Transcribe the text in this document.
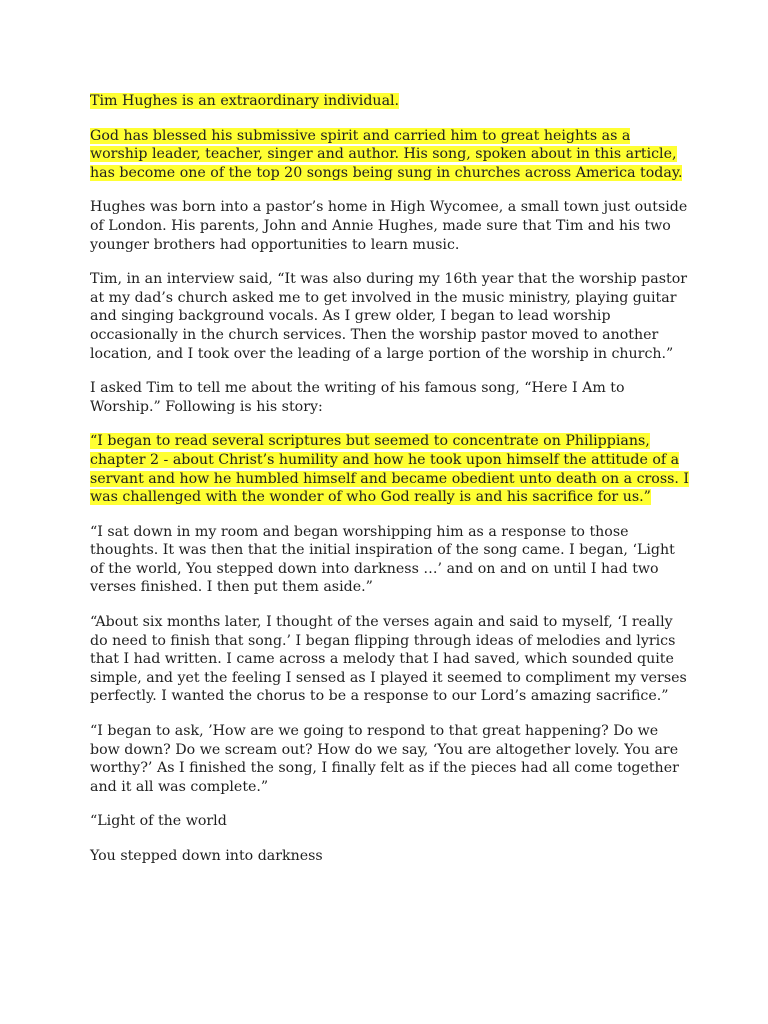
Tim Hughes is an extraordinary individual.

God has blessed his submissive spirit and carried him to great heights as a worship leader, teacher, singer and author. His song, spoken about in this article, has become one of the top 20 songs being sung in churches across America today.

Hughes was born into a pastor’s home in High Wycomee, a small town just outside of London. His parents, John and Annie Hughes, made sure that Tim and his two younger brothers had opportunities to learn music.

Tim, in an interview said, “It was also during my 16th year that the worship pastor at my dad’s church asked me to get involved in the music ministry, playing guitar and singing background vocals. As I grew older, I began to lead worship occasionally in the church services. Then the worship pastor moved to another location, and I took over the leading of a large portion of the worship in church.”

I asked Tim to tell me about the writing of his famous song, “Here I Am to Worship.” Following is his story:

“I began to read several scriptures but seemed to concentrate on Philippians, chapter 2 - about Christ’s humility and how he took upon himself the attitude of a servant and how he humbled himself and became obedient unto death on a cross. I was challenged with the wonder of who God really is and his sacrifice for us.”

“I sat down in my room and began worshipping him as a response to those thoughts. It was then that the initial inspiration of the song came. I began, ‘Light of the world, You stepped down into darkness …’ and on and on until I had two verses finished. I then put them aside.”

“About six months later, I thought of the verses again and said to myself, ‘I really do need to finish that song.’ I began flipping through ideas of melodies and lyrics that I had written. I came across a melody that I had saved, which sounded quite simple, and yet the feeling I sensed as I played it seemed to compliment my verses perfectly. I wanted the chorus to be a response to our Lord’s amazing sacrifice.”

“I began to ask, ’How are we going to respond to that great happening? Do we bow down? Do we scream out? How do we say, ‘You are altogether lovely. You are worthy?’ As I finished the song, I finally felt as if the pieces had all come together and it all was complete.”

“Light of the world

You stepped down into darkness
